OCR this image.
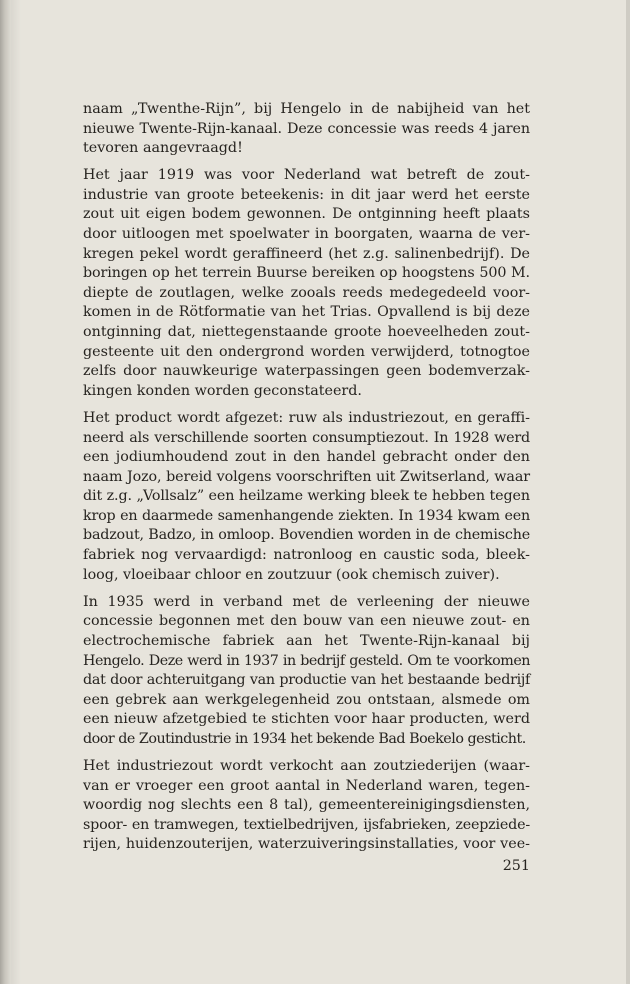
naam „Twenthe-Rijn”, bij Hengelo in de nabijheid van het
nieuwe Twente-Rijn-kanaal. Deze concessie was reeds 4 jaren
tevoren aangevraagd!

Het jaar 1919 was voor Nederland wat betreft de zout-
industrie van groote beteekenis: in dit jaar werd het eerste
zout uit eigen bodem gewonnen. De ontginning heeft plaats
door uitloogen met spoelwater in boorgaten, waarna de ver-
kregen pekel wordt geraffineerd (het z.g. salinenbedrijf). De
boringen op het terrein Buurse bereiken op hoogstens 500 M.
diepte de zoutlagen, welke zooals reeds medegedeeld voor-
komen in de Rötformatie van het Trias. Opvallend is bij deze
ontginning dat, niettegenstaande groote hoeveelheden zout-
gesteente uit den ondergrond worden verwijderd, totnogtoe
zelfs door nauwkeurige waterpassingen geen bodemverzak-
kingen konden worden geconstateerd.

Het product wordt afgezet: ruw als industriezout, en geraffi-
neerd als verschillende soorten consumptiezout. In 1928 werd
een jodiumhoudend zout in den handel gebracht onder den
naam Jozo, bereid volgens voorschriften uit Zwitserland, waar
dit z.g. „Vollsalz” een heilzame werking bleek te hebben tegen
krop en daarmede samenhangende ziekten. In 1934 kwam een
badzout, Badzo, in omloop. Bovendien worden in de chemische
fabriek nog vervaardigd: natronloog en caustic soda, bleek-
loog, vloeibaar chloor en zoutzuur (ook chemisch zuiver).

In 1935 werd in verband met de verleening der nieuwe
concessie begonnen met den bouw van een nieuwe zout- en
electrochemische fabriek aan het Twente-Rijn-kanaal bij
Hengelo. Deze werd in 1937 in bedrijf gesteld. Om te voorkomen
dat door achteruitgang van productie van het bestaande bedrijf
een gebrek aan werkgelegenheid zou ontstaan, alsmede om
een nieuw afzetgebied te stichten voor haar producten, werd
door de Zoutindustrie in 1934 het bekende Bad Boekelo gesticht.

Het industriezout wordt verkocht aan zoutziederijen (waar-
van er vroeger een groot aantal in Nederland waren, tegen-
woordig nog slechts een 8 tal), gemeentereinigingsdiensten,
spoor- en tramwegen, textielbedrijven, ijsfabrieken, zeepziede-
rijen, huidenzouterijen, waterzuiveringsinstallaties, voor vee-

251
